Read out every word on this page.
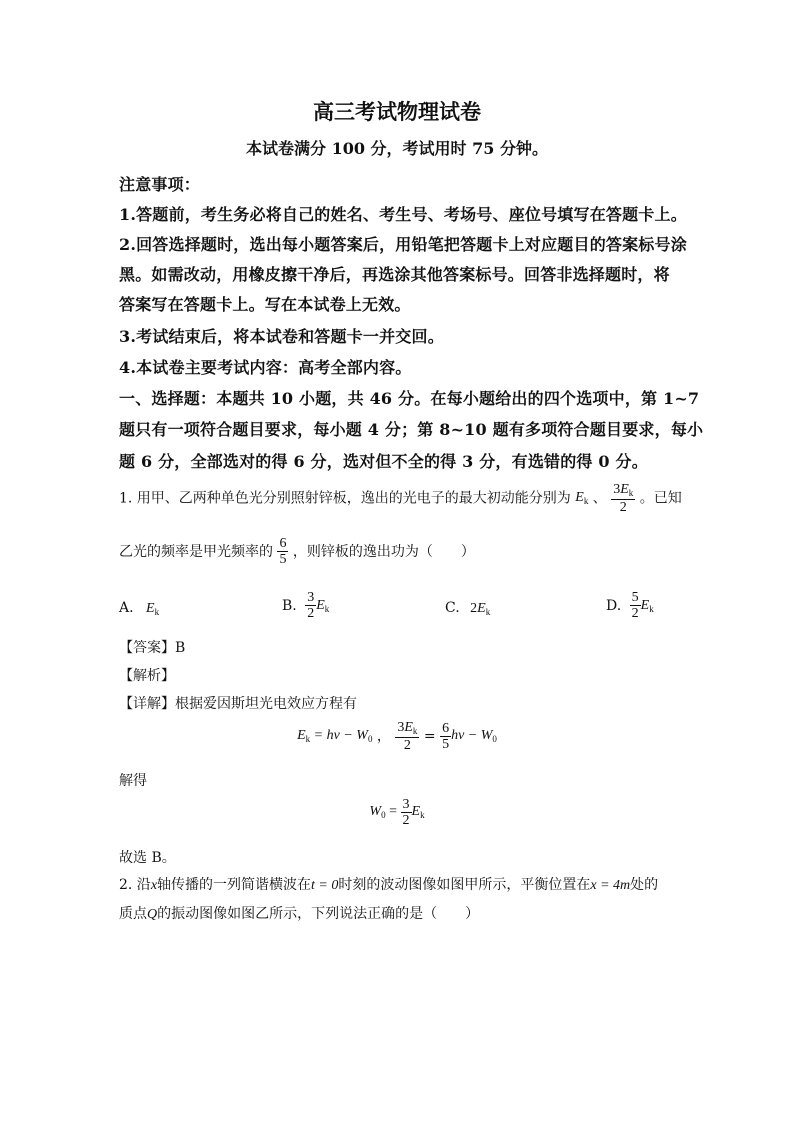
高三考试物理试卷
本试卷满分 100 分，考试用时 75 分钟。
注意事项：
1.答题前，考生务必将自己的姓名、考生号、考场号、座位号填写在答题卡上。
2.回答选择题时，选出每小题答案后，用铅笔把答题卡上对应题目的答案标号涂
黑。如需改动，用橡皮擦干净后，再选涂其他答案标号。回答非选择题时，将
答案写在答题卡上。写在本试卷上无效。
3.考试结束后，将本试卷和答题卡一并交回。
4.本试卷主要考试内容：高考全部内容。
一、选择题：本题共 10 小题，共 46 分。在每小题给出的四个选项中，第 1~7
题只有一项符合题目要求，每小题 4 分；第 8~10 题有多项符合题目要求，每小
题 6 分，全部选对的得 6 分，选对但不全的得 3 分，有选错的得 0 分。
1. 用甲、乙两种单色光分别照射锌板，逸出的光电子的最大初动能分别为 $E_k$ 、 $\frac{3E_k}{2}$ 。已知
乙光的频率是甲光频率的 $\frac{6}{5}$ ，则锌板的逸出功为（　　）
A. $E_k$	B. $\frac{3}{2} E_k$	C. $2E_k$	D. $\frac{5}{2} E_k$
【答案】B
【解析】
【详解】根据爱因斯坦光电效应方程有
$E_k = h\nu - W_0$ ， $\frac{3E_k}{2} = \frac{6}{5}$ $h\nu - W_0$
解得
$W_0 = \frac{3}{2} E_k$
故选 B。
2. 沿x轴传播的一列简谐横波在t = 0时刻的波动图像如图甲所示，平衡位置在x = 4m处的
质点Q的振动图像如图乙所示，下列说法正确的是（　　）
